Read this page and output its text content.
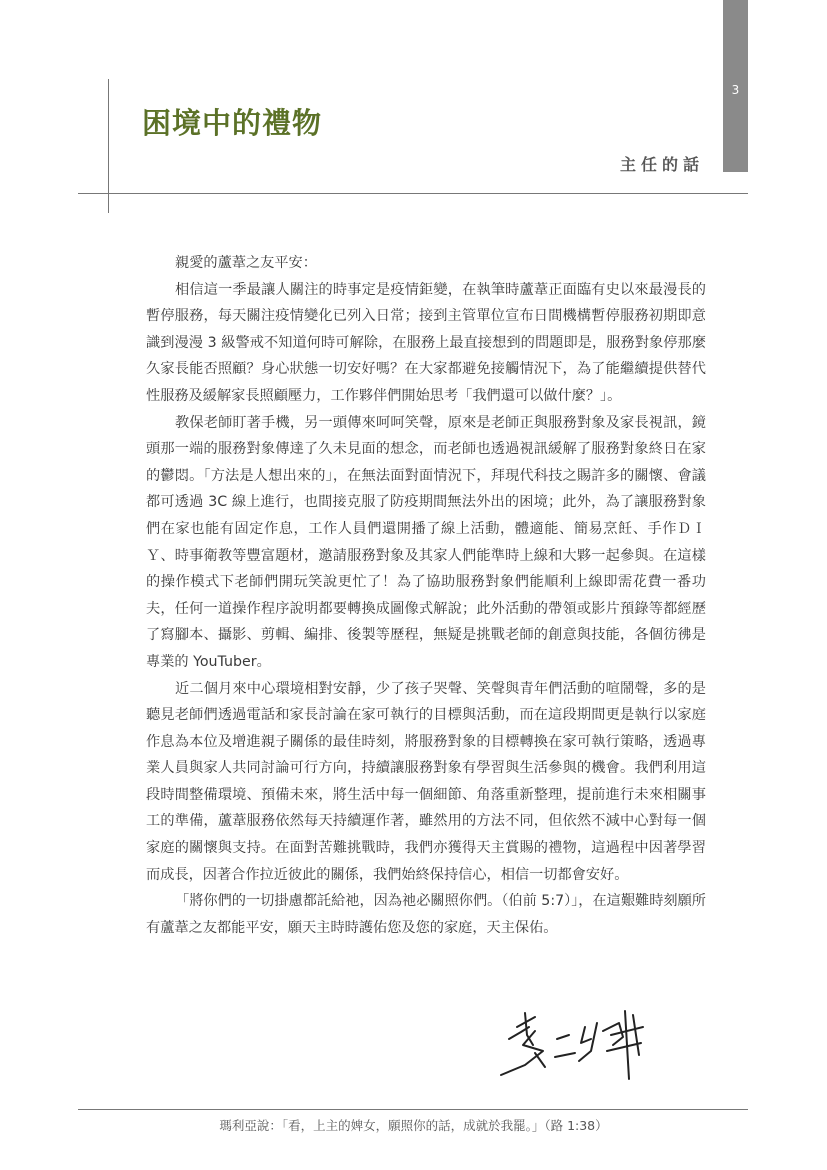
3
困境中的禮物
主任的話

親愛的蘆葦之友平安：

相信這一季最讓人關注的時事定是疫情鉅變，在執筆時蘆葦正面臨有史以來最漫長的暫停服務，每天關注疫情變化已列入日常；接到主管單位宣布日間機構暫停服務初期即意識到漫漫 3 級警戒不知道何時可解除，在服務上最直接想到的問題即是，服務對象停那麼久家長能否照顧？身心狀態一切安好嗎？在大家都避免接觸情況下，為了能繼續提供替代性服務及緩解家長照顧壓力，工作夥伴們開始思考「我們還可以做什麼？」。

教保老師盯著手機，另一頭傳來呵呵笑聲，原來是老師正與服務對象及家長視訊，鏡頭那一端的服務對象傳達了久未見面的想念，而老師也透過視訊緩解了服務對象終日在家的鬱悶。「方法是人想出來的」，在無法面對面情況下，拜現代科技之賜許多的關懷、會議都可透過 3C 線上進行，也間接克服了防疫期間無法外出的困境；此外，為了讓服務對象們在家也能有固定作息，工作人員們還開播了線上活動，體適能、簡易烹飪、手作ＤＩＹ、時事衛教等豐富題材，邀請服務對象及其家人們能準時上線和大夥一起參與。在這樣的操作模式下老師們開玩笑說更忙了！為了協助服務對象們能順利上線即需花費一番功夫，任何一道操作程序說明都要轉換成圖像式解說；此外活動的帶領或影片預錄等都經歷了寫腳本、攝影、剪輯、編排、後製等歷程，無疑是挑戰老師的創意與技能，各個彷彿是專業的 YouTuber。

近二個月來中心環境相對安靜，少了孩子哭聲、笑聲與青年們活動的喧鬧聲，多的是聽見老師們透過電話和家長討論在家可執行的目標與活動，而在這段期間更是執行以家庭作息為本位及增進親子關係的最佳時刻，將服務對象的目標轉換在家可執行策略，透過專業人員與家人共同討論可行方向，持續讓服務對象有學習與生活參與的機會。我們利用這段時間整備環境、預備未來，將生活中每一個細節、角落重新整理，提前進行未來相關事工的準備，蘆葦服務依然每天持續運作著，雖然用的方法不同，但依然不減中心對每一個家庭的關懷與支持。在面對苦難挑戰時，我們亦獲得天主賞賜的禮物，這過程中因著學習而成長，因著合作拉近彼此的關係，我們始終保持信心，相信一切都會安好。

「將你們的一切掛慮都託給祂，因為祂必關照你們。（伯前 5:7）」，在這艱難時刻願所有蘆葦之友都能平安，願天主時時護佑您及您的家庭，天主保佑。

瑪利亞說：「看，上主的婢女，願照你的話，成就於我罷。」（路 1:38）
